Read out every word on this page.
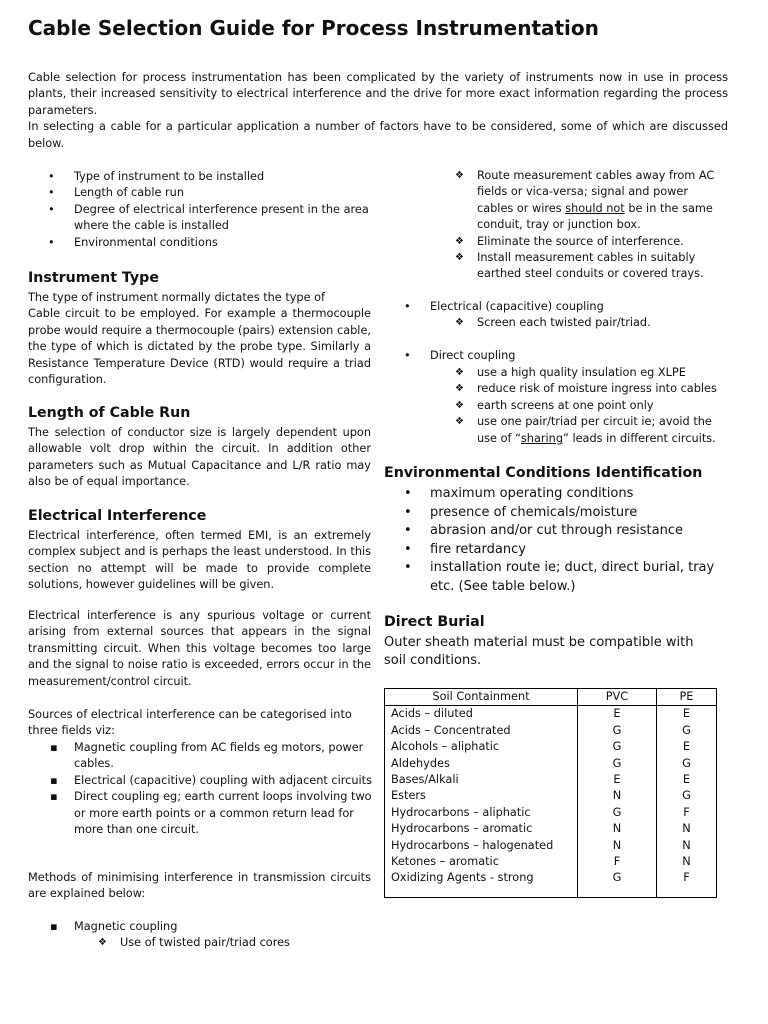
Cable Selection Guide for Process Instrumentation
Cable selection for process instrumentation has been complicated by the variety of instruments now in use in process plants, their increased sensitivity to electrical interference and the drive for more exact information regarding the process parameters.
In selecting a cable for a particular application a number of factors have to be considered, some of which are discussed below.
• Type of instrument to be installed
• Length of cable run
• Degree of electrical interference present in the area where the cable is installed
• Environmental conditions
Instrument Type
The type of instrument normally dictates the type of
Cable circuit to be employed. For example a thermocouple probe would require a thermocouple (pairs) extension cable, the type of which is dictated by the probe type. Similarly a Resistance Temperature Device (RTD) would require a triad configuration.
Length of Cable Run
The selection of conductor size is largely dependent upon allowable volt drop within the circuit. In addition other parameters such as Mutual Capacitance and L/R ratio may also be of equal importance.
Electrical Interference
Electrical interference, often termed EMI, is an extremely complex subject and is perhaps the least understood. In this section no attempt will be made to provide complete solutions, however guidelines will be given.
Electrical interference is any spurious voltage or current arising from external sources that appears in the signal transmitting circuit. When this voltage becomes too large and the signal to noise ratio is exceeded, errors occur in the measurement/control circuit.
Sources of electrical interference can be categorised into three fields viz:
▪ Magnetic coupling from AC fields eg motors, power cables.
▪ Electrical (capacitive) coupling with adjacent circuits
▪ Direct coupling eg; earth current loops involving two or more earth points or a common return lead for more than one circuit.
Methods of minimising interference in transmission circuits are explained below:
▪ Magnetic coupling
❖ Use of twisted pair/triad cores
❖ Route measurement cables away from AC fields or vica-versa; signal and power cables or wires should not be in the same conduit, tray or junction box.
❖ Eliminate the source of interference.
❖ Install measurement cables in suitably earthed steel conduits or covered trays.
• Electrical (capacitive) coupling
❖ Screen each twisted pair/triad.
• Direct coupling
❖ use a high quality insulation eg XLPE
❖ reduce risk of moisture ingress into cables
❖ earth screens at one point only
❖ use one pair/triad per circuit ie; avoid the use of “sharing” leads in different circuits.
Environmental Conditions Identification
• maximum operating conditions
• presence of chemicals/moisture
• abrasion and/or cut through resistance
• fire retardancy
• installation route ie; duct, direct burial, tray etc. (See table below.)
Direct Burial
Outer sheath material must be compatible with soil conditions.
Soil Containment	PVC	PE
Acids – diluted	E	E
Acids – Concentrated	G	G
Alcohols – aliphatic	G	E
Aldehydes	G	G
Bases/Alkali	E	E
Esters	N	G
Hydrocarbons – aliphatic	G	F
Hydrocarbons – aromatic	N	N
Hydrocarbons – halogenated	N	N
Ketones – aromatic	F	N
Oxidizing Agents - strong	G	F
